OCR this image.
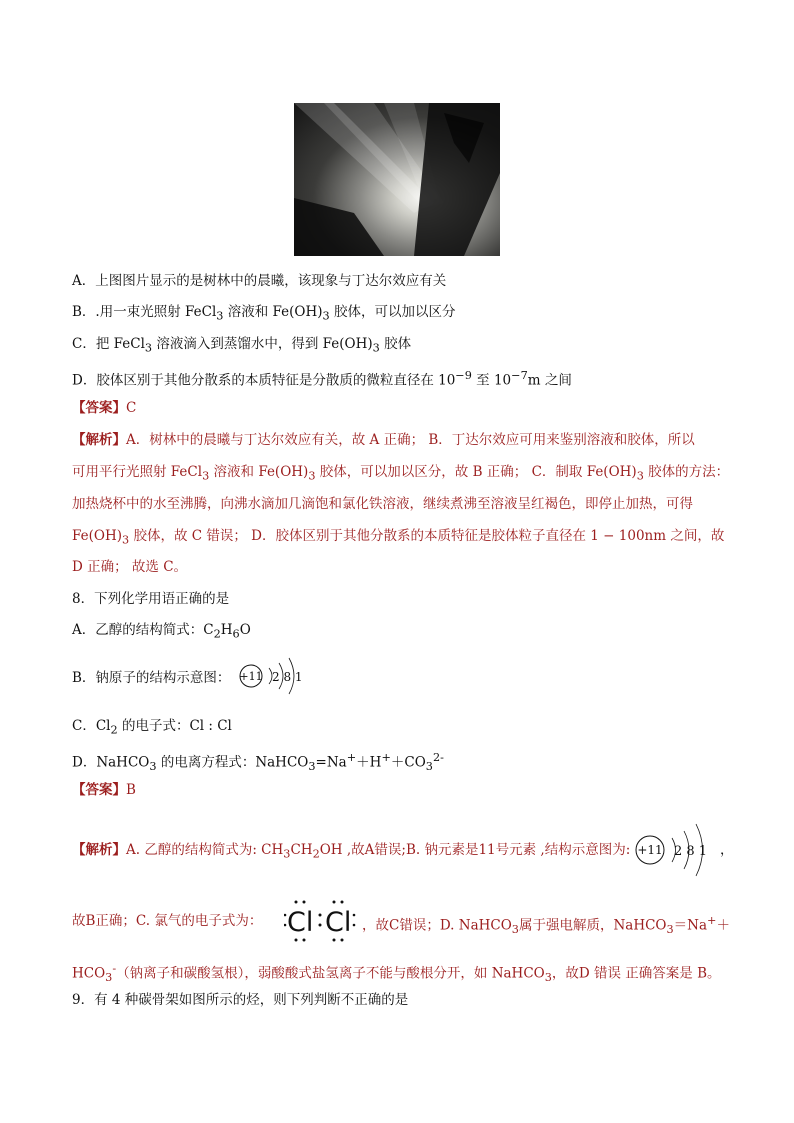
A．上图图片显示的是树林中的晨曦，该现象与丁达尔效应有关
B．.用一束光照射 FeCl$_3$ 溶液和 $Fe(OH)_3$ 胶体，可以加以区分
C．把 FeCl$_3$ 溶液滴入到蒸馏水中，得到 $Fe(OH)_3$ 胶体
D．胶体区别于其他分散系的本质特征是分散质的微粒直径在 $10^{-9}$ 至 $10^{-7}m$ 之间
【答案】C
【解析】A．树林中的晨曦与丁达尔效应有关，故 A 正确； B．丁达尔效应可用来鉴别溶液和胶体，所以
可用平行光照射 FeCl$_3$ 溶液和 $Fe(OH)_3$ 胶体，可以加以区分，故 B 正确； C．制取 $Fe(OH)_3$ 胶体的方法：
加热烧杯中的水至沸腾，向沸水滴加几滴饱和氯化铁溶液，继续煮沸至溶液呈红褐色，即停止加热，可得
$Fe(OH)_3$ 胶体，故 C 错误； D．胶体区别于其他分散系的本质特征是胶体粒子直径在 1 − 100nm 之间，故
D 正确； 故选 C。
8．下列化学用语正确的是
A．乙醇的结构简式：$C_2H_6O$
B．钠原子的结构示意图： +11 2 8 1
C．$Cl_2$ 的电子式：Cl : Cl
D．NaHCO$_3$ 的电离方程式：$NaHCO_3=Na^++H^++CO_3^{2-}$
【答案】B
【解析】A. 乙醇的结构简式为: $CH_3CH_2OH$ ,故A错误;B. 钠元素是11号元素 ,结构示意图为: +11 2 8 1 ，
故B正确；C. 氯气的电子式为： Cl Cl ，故C错误；D. NaHCO$_3$属于强电解质，NaHCO$_3$＝Na+＋
$HCO_3^-$（钠离子和碳酸氢根），弱酸酸式盐氢离子不能与酸根分开，如 NaHCO$_3$，故D 错误 正确答案是 B。
9．有 4 种碳骨架如图所示的烃，则下列判断不正确的是
